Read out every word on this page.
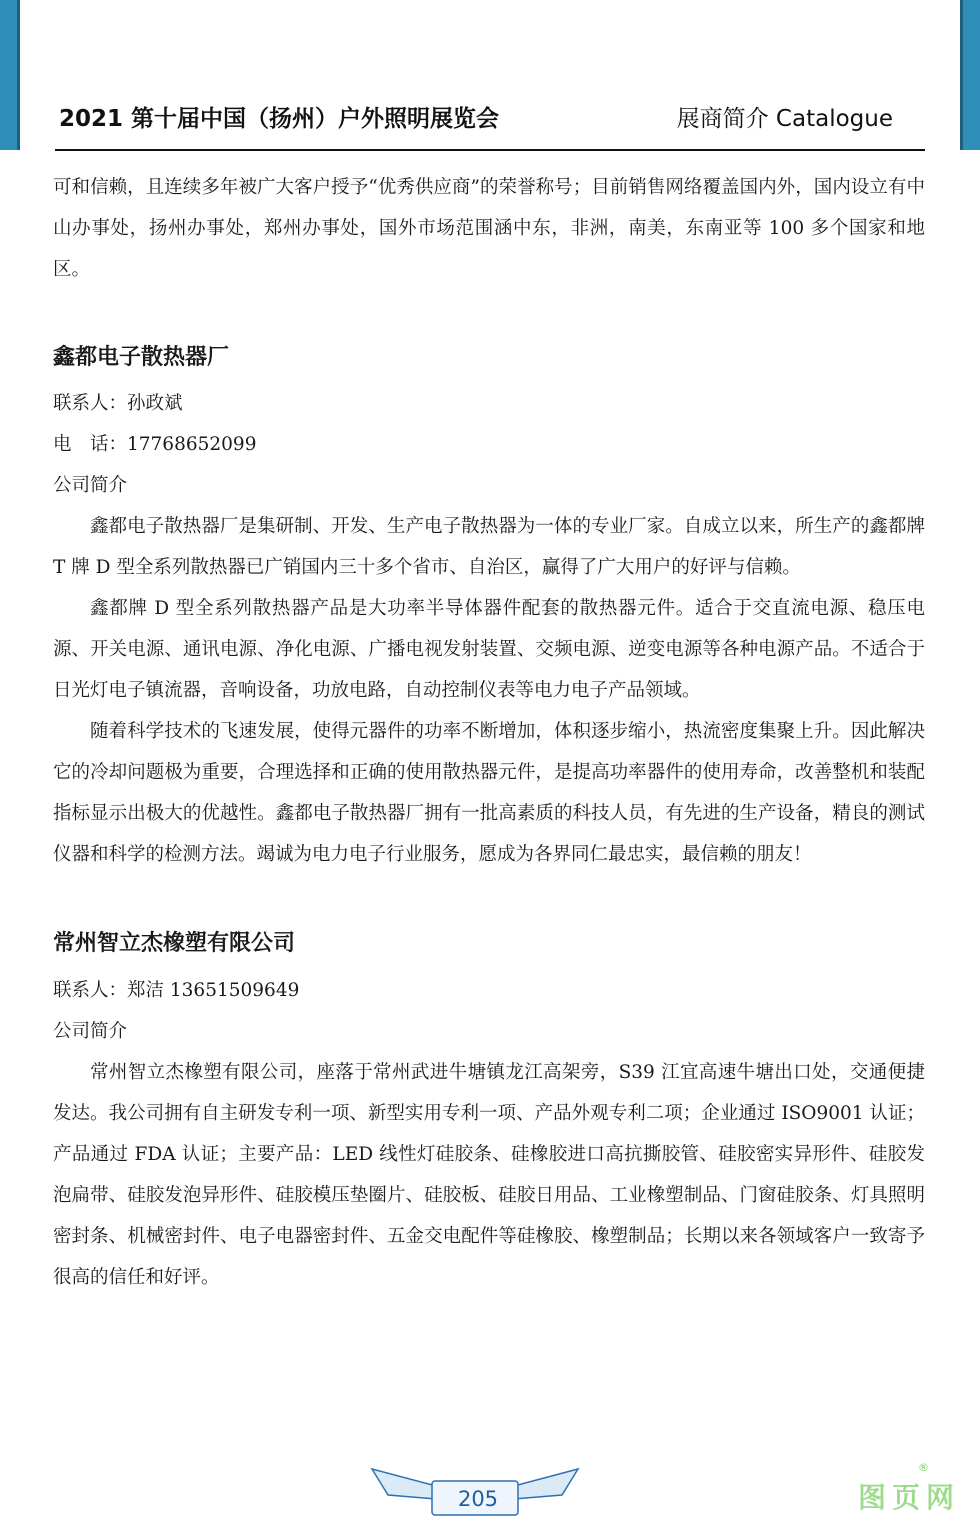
2021 第十届中国（扬州）户外照明展览会	展商简介 Catalogue

可和信赖，且连续多年被广大客户授予“优秀供应商”的荣誉称号；目前销售网络覆盖国内外，国内设立有中山办事处，扬州办事处，郑州办事处，国外市场范围涵中东，非洲，南美，东南亚等 100 多个国家和地区。

鑫都电子散热器厂

联系人：孙政斌

电　话：17768652099

公司简介

鑫都电子散热器厂是集研制、开发、生产电子散热器为一体的专业厂家。自成立以来，所生产的鑫都牌 T 牌 D 型全系列散热器已广销国内三十多个省市、自治区，赢得了广大用户的好评与信赖。

鑫都牌 D 型全系列散热器产品是大功率半导体器件配套的散热器元件。适合于交直流电源、稳压电源、开关电源、通讯电源、净化电源、广播电视发射装置、交频电源、逆变电源等各种电源产品。不适合于日光灯电子镇流器，音响设备，功放电路，自动控制仪表等电力电子产品领域。

随着科学技术的飞速发展，使得元器件的功率不断增加，体积逐步缩小，热流密度集聚上升。因此解决它的冷却问题极为重要，合理选择和正确的使用散热器元件，是提高功率器件的使用寿命，改善整机和装配指标显示出极大的优越性。鑫都电子散热器厂拥有一批高素质的科技人员，有先进的生产设备，精良的测试仪器和科学的检测方法。竭诚为电力电子行业服务，愿成为各界同仁最忠实，最信赖的朋友！

常州智立杰橡塑有限公司

联系人：郑洁 13651509649

公司简介

常州智立杰橡塑有限公司，座落于常州武进牛塘镇龙江高架旁，S39 江宜高速牛塘出口处，交通便捷发达。我公司拥有自主研发专利一项、新型实用专利一项、产品外观专利二项；企业通过 ISO9001 认证；产品通过 FDA 认证；主要产品：LED 线性灯硅胶条、硅橡胶进口高抗撕胶管、硅胶密实异形件、硅胶发泡扁带、硅胶发泡异形件、硅胶模压垫圈片、硅胶板、硅胶日用品、工业橡塑制品、门窗硅胶条、灯具照明密封条、机械密封件、电子电器密封件、五金交电配件等硅橡胶、橡塑制品；长期以来各领域客户一致寄予很高的信任和好评。

205	图页网
®
